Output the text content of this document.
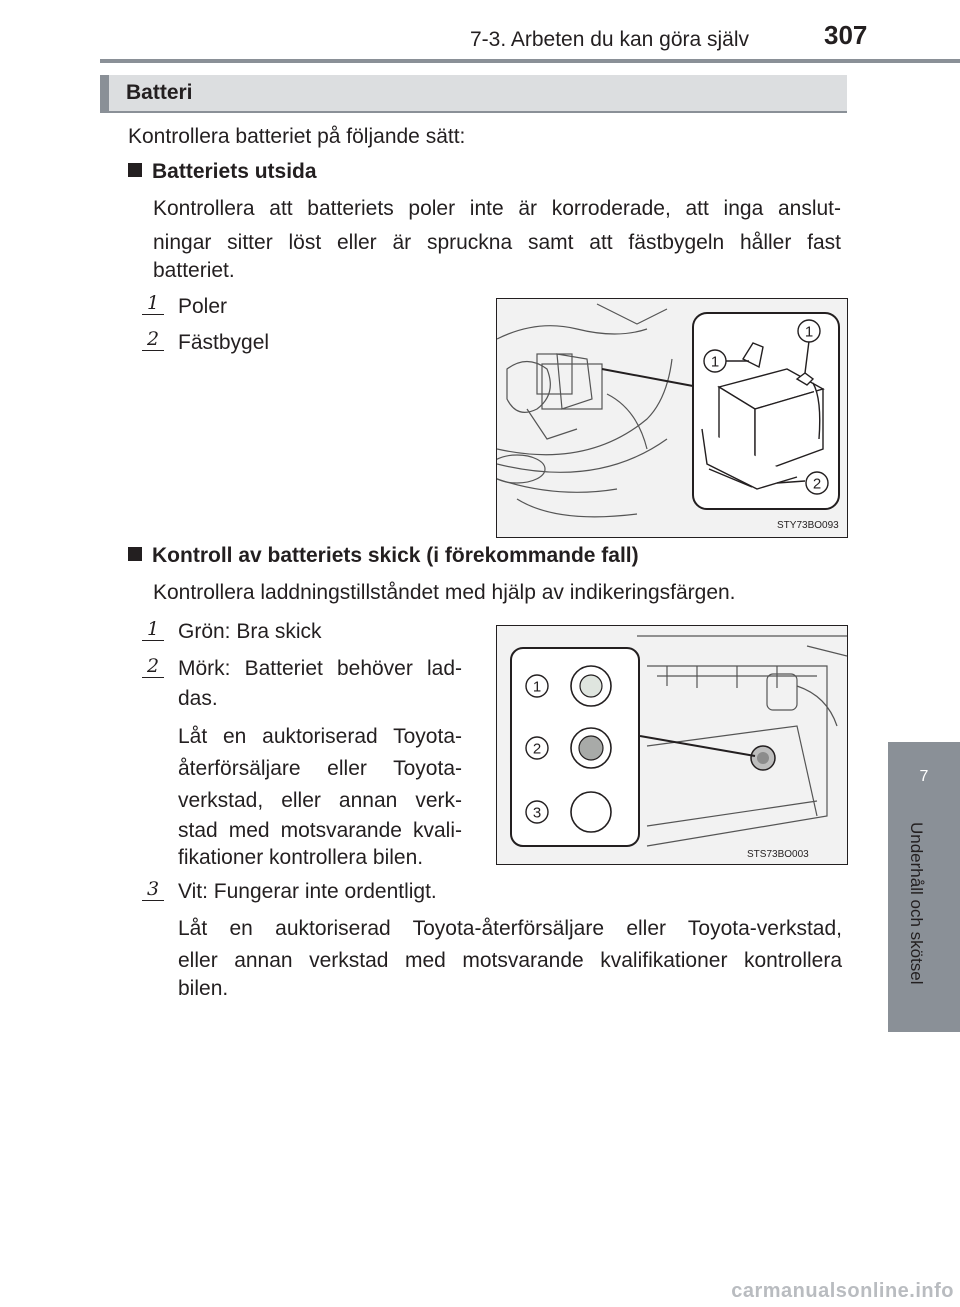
7-3. Arbeten du kan göra själv	307
7
Underhåll och skötsel
Batteri
Kontrollera batteriet på följande sätt:
Batteriets utsida
Kontrollera att batteriets poler inte är korroderade, att inga anslut-
ningar sitter löst eller är spruckna samt att fästbygeln håller fast
batteriet.
1 Poler
2 Fästbygel	1
1
2
STY73BO093
Kontroll av batteriets skick (i förekommande fall)
Kontrollera laddningstillståndet med hjälp av indikeringsfärgen.
1 Grön: Bra skick
2 Mörk: Batteriet behöver lad-
das.
Låt en auktoriserad Toyota-
återförsäljare eller Toyota-
verkstad, eller annan verk-
stad med motsvarande kvali-
fikationer kontrollera bilen.
3 Vit: Fungerar inte ordentligt.
Låt en auktoriserad Toyota-återförsäljare eller Toyota-verkstad,
eller annan verkstad med motsvarande kvalifikationer kontrollera
bilen.
1
2
3
STS73BO003
carmanualsonline.info
